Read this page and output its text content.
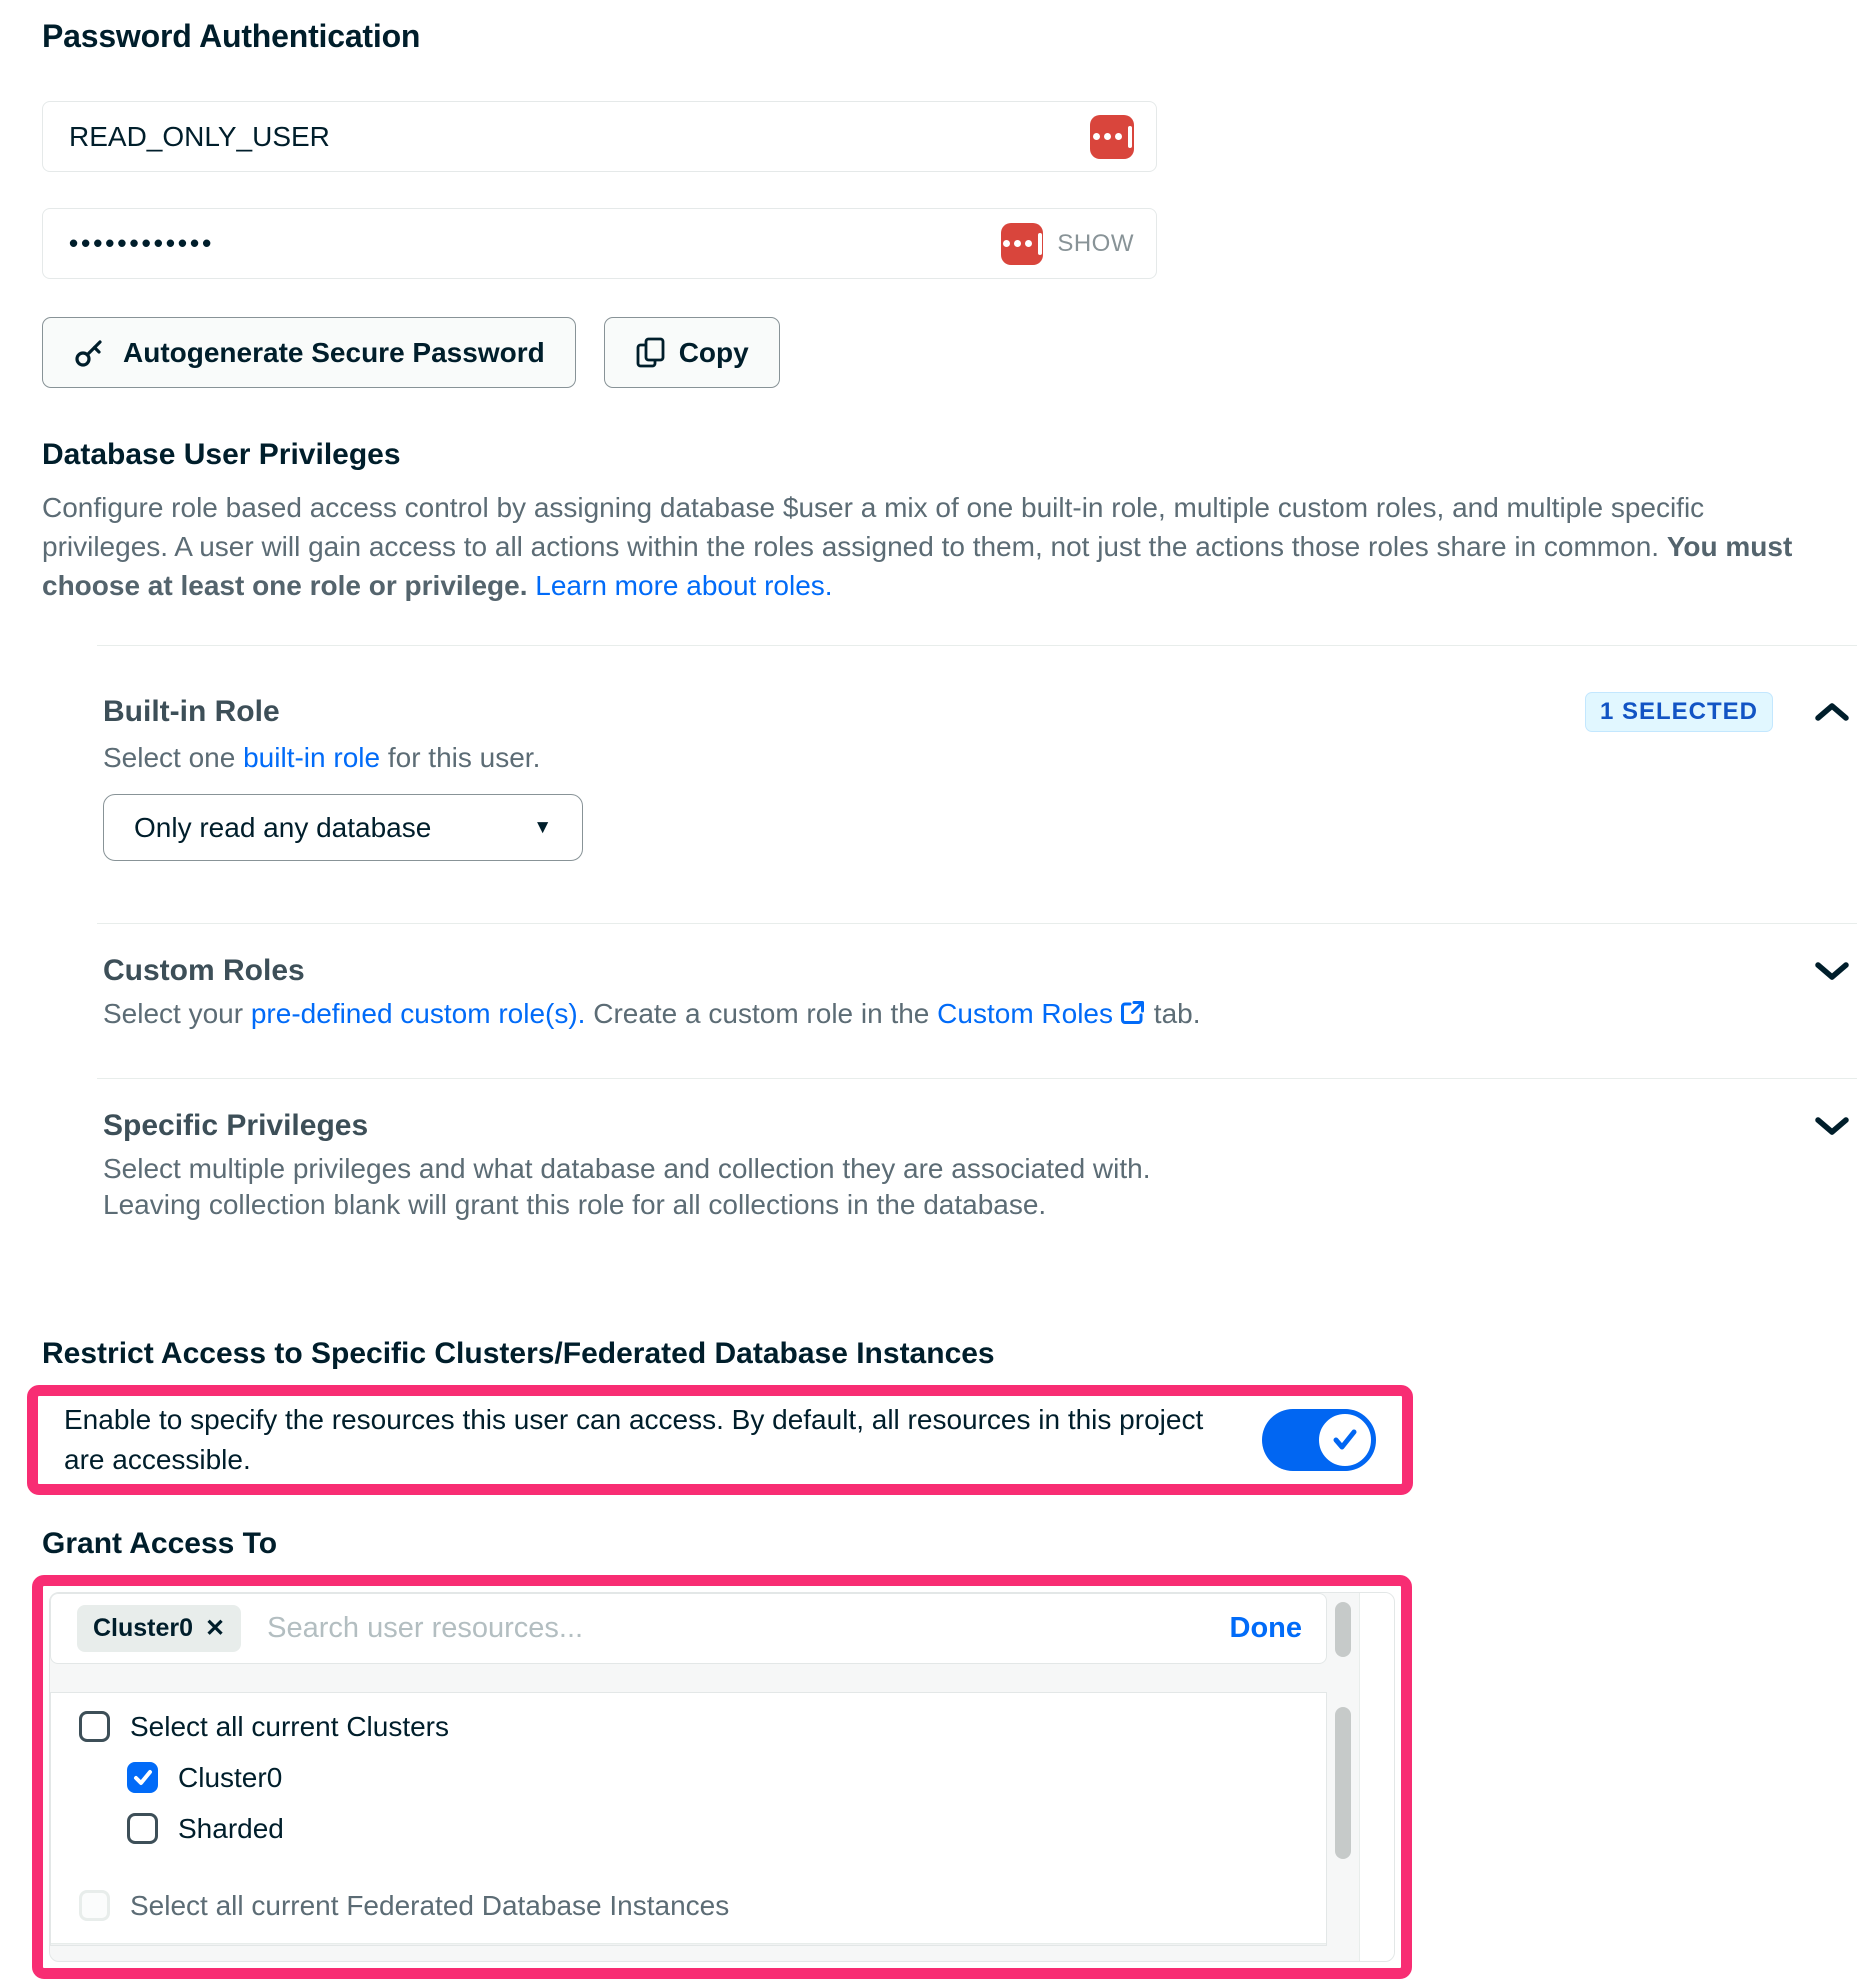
Password Authentication
READ_ONLY_USER
••••••••••••	SHOW
Autogenerate Secure Password	Copy
Database User Privileges
Configure role based access control by assigning database $user a mix of one built-in role, multiple custom roles, and multiple specific privileges. A user will gain access to all actions within the roles assigned to them, not just the actions those roles share in common. You must choose at least one role or privilege. Learn more about roles.
Built-in Role	1 SELECTED
Select one built-in role for this user.
Only read any database	▼
Custom Roles
Select your pre-defined custom role(s). Create a custom role in the Custom Roles
tab.
Specific Privileges
Select multiple privileges and what database and collection they are associated with.
Leaving collection blank will grant this role for all collections in the database.
Restrict Access to Specific Clusters/Federated Database Instances
Enable to specify the resources this user can access. By default, all resources in this project are accessible.
Grant Access To
Cluster0 ✕
Search user resources...	Done
Select all current Clusters
Cluster0
Sharded
Select all current Federated Database Instances
